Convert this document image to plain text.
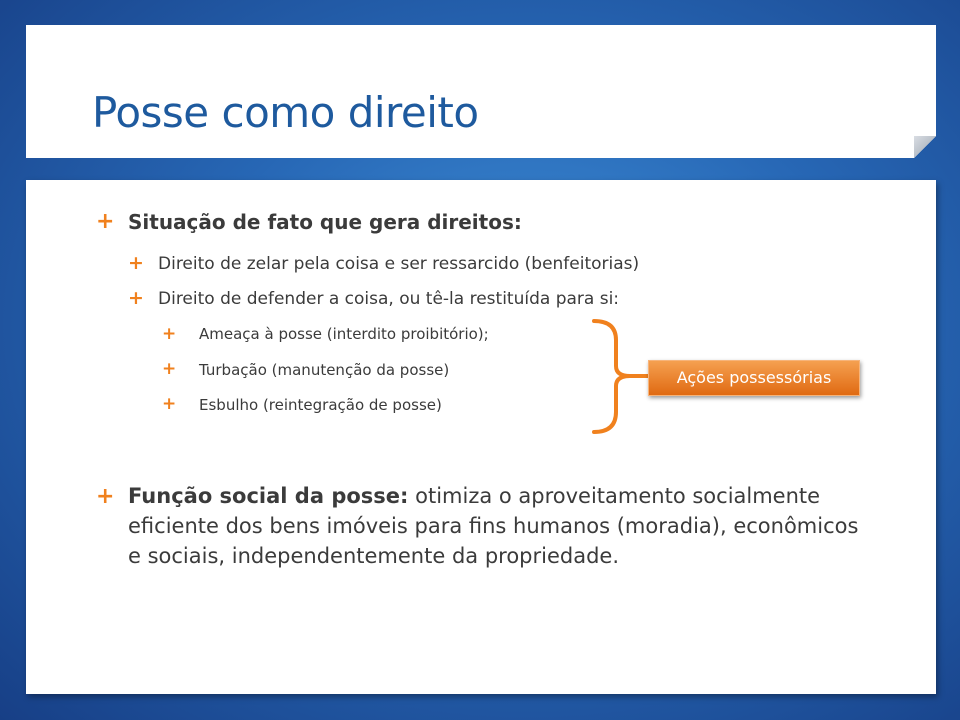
Posse como direito
+ Situação de fato que gera direitos:
+ Direito de zelar pela coisa e ser ressarcido (benfeitorias)
+ Direito de defender a coisa, ou tê-la restituída para si:
+ Ameaça à posse (interdito proibitório);
+ Turbação (manutenção da posse)
+ Esbulho (reintegração de posse)
Ações possessórias
+ Função social da posse: otimiza o aproveitamento socialmente eficiente dos bens imóveis para fins humanos (moradia), econômicos e sociais, independentemente da propriedade.
